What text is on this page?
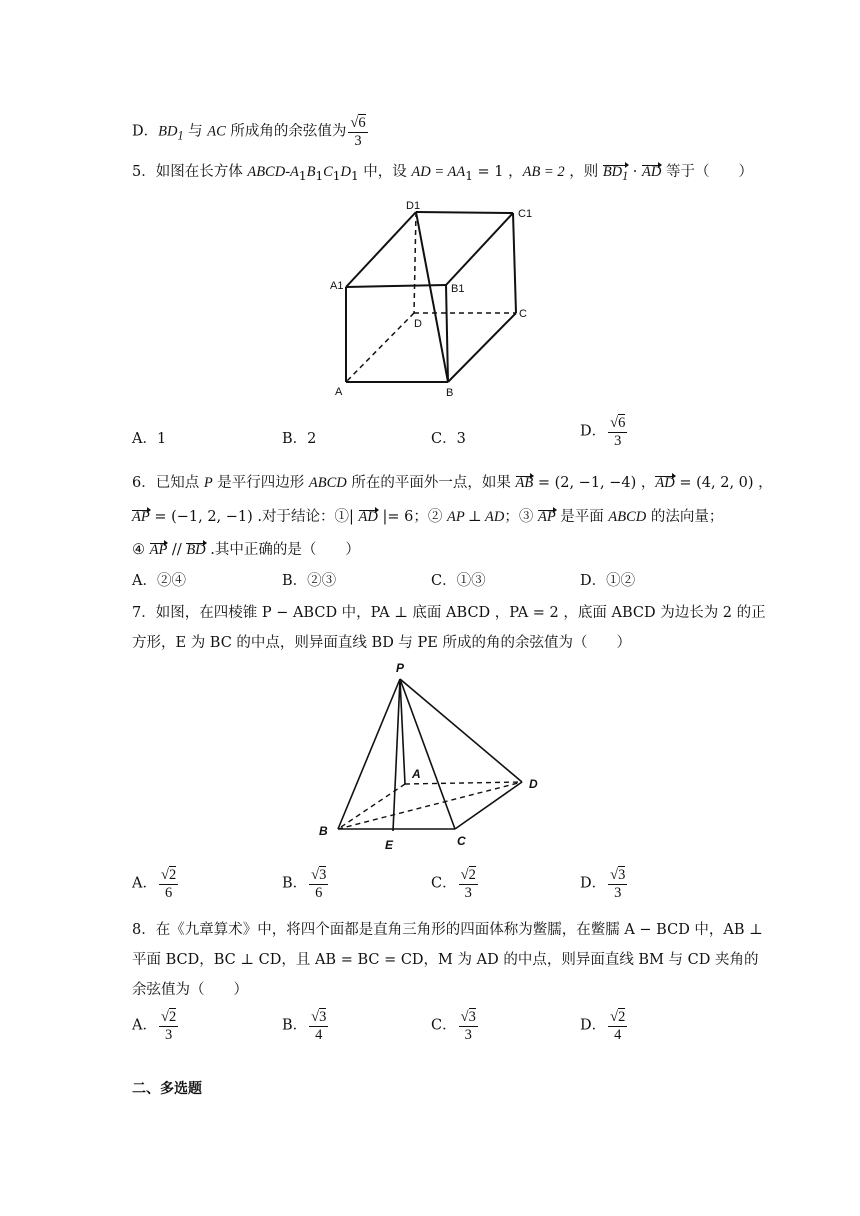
D．$BD_1$ 与 AC 所成角的余弦值为 √ $\frac{6}{3}$
5．如图在长方体 ABCD-$A_1B_1C_1D_1$ 中，设 AD = $AA_1 = 1$ ，AB = 2 ，则 $BD_1$ · AD 等于（　　）
D1
C1
A1	B1
D
C
A	B
A．1	B．2	C．3	D． √ $\frac{6}{3}$
6．已知点 P 是平行四边形 ABCD 所在的平面外一点，如果 AB = (2, −1, −4) ，AD = (4, 2, 0) ，
AP = (−1, 2, −1) .对于结论：①| AD |= 6；② AP ⊥ AD；③ AP 是平面 ABCD 的法向量；
④ AP // BD .其中正确的是（　　）
A．②④	B．②③	C．①③	D．①②
7．如图，在四棱锥 P − ABCD 中，PA ⊥ 底面 ABCD ，PA = 2 ，底面 ABCD 为边长为 2 的正
方形，E 为 BC 的中点，则异面直线 BD 与 PE 所成的角的余弦值为（　　）
P
A
D
B
C
E
A． √ $\frac{2}{6}$	B． √ $\frac{3}{6}$	C． √ $\frac{2}{3}$	D． √ $\frac{3}{3}$
8．在《九章算术》中，将四个面都是直角三角形的四面体称为鳖臑，在鳖臑 A − BCD 中，AB ⊥
平面 BCD，BC ⊥ CD，且 AB = BC = CD，M 为 AD 的中点，则异面直线 BM 与 CD 夹角的
余弦值为（　　）
A． √ $\frac{2}{3}$	B． √ $\frac{3}{4}$	C． √ $\frac{3}{3}$	D． √ $\frac{2}{4}$
二、多选题
